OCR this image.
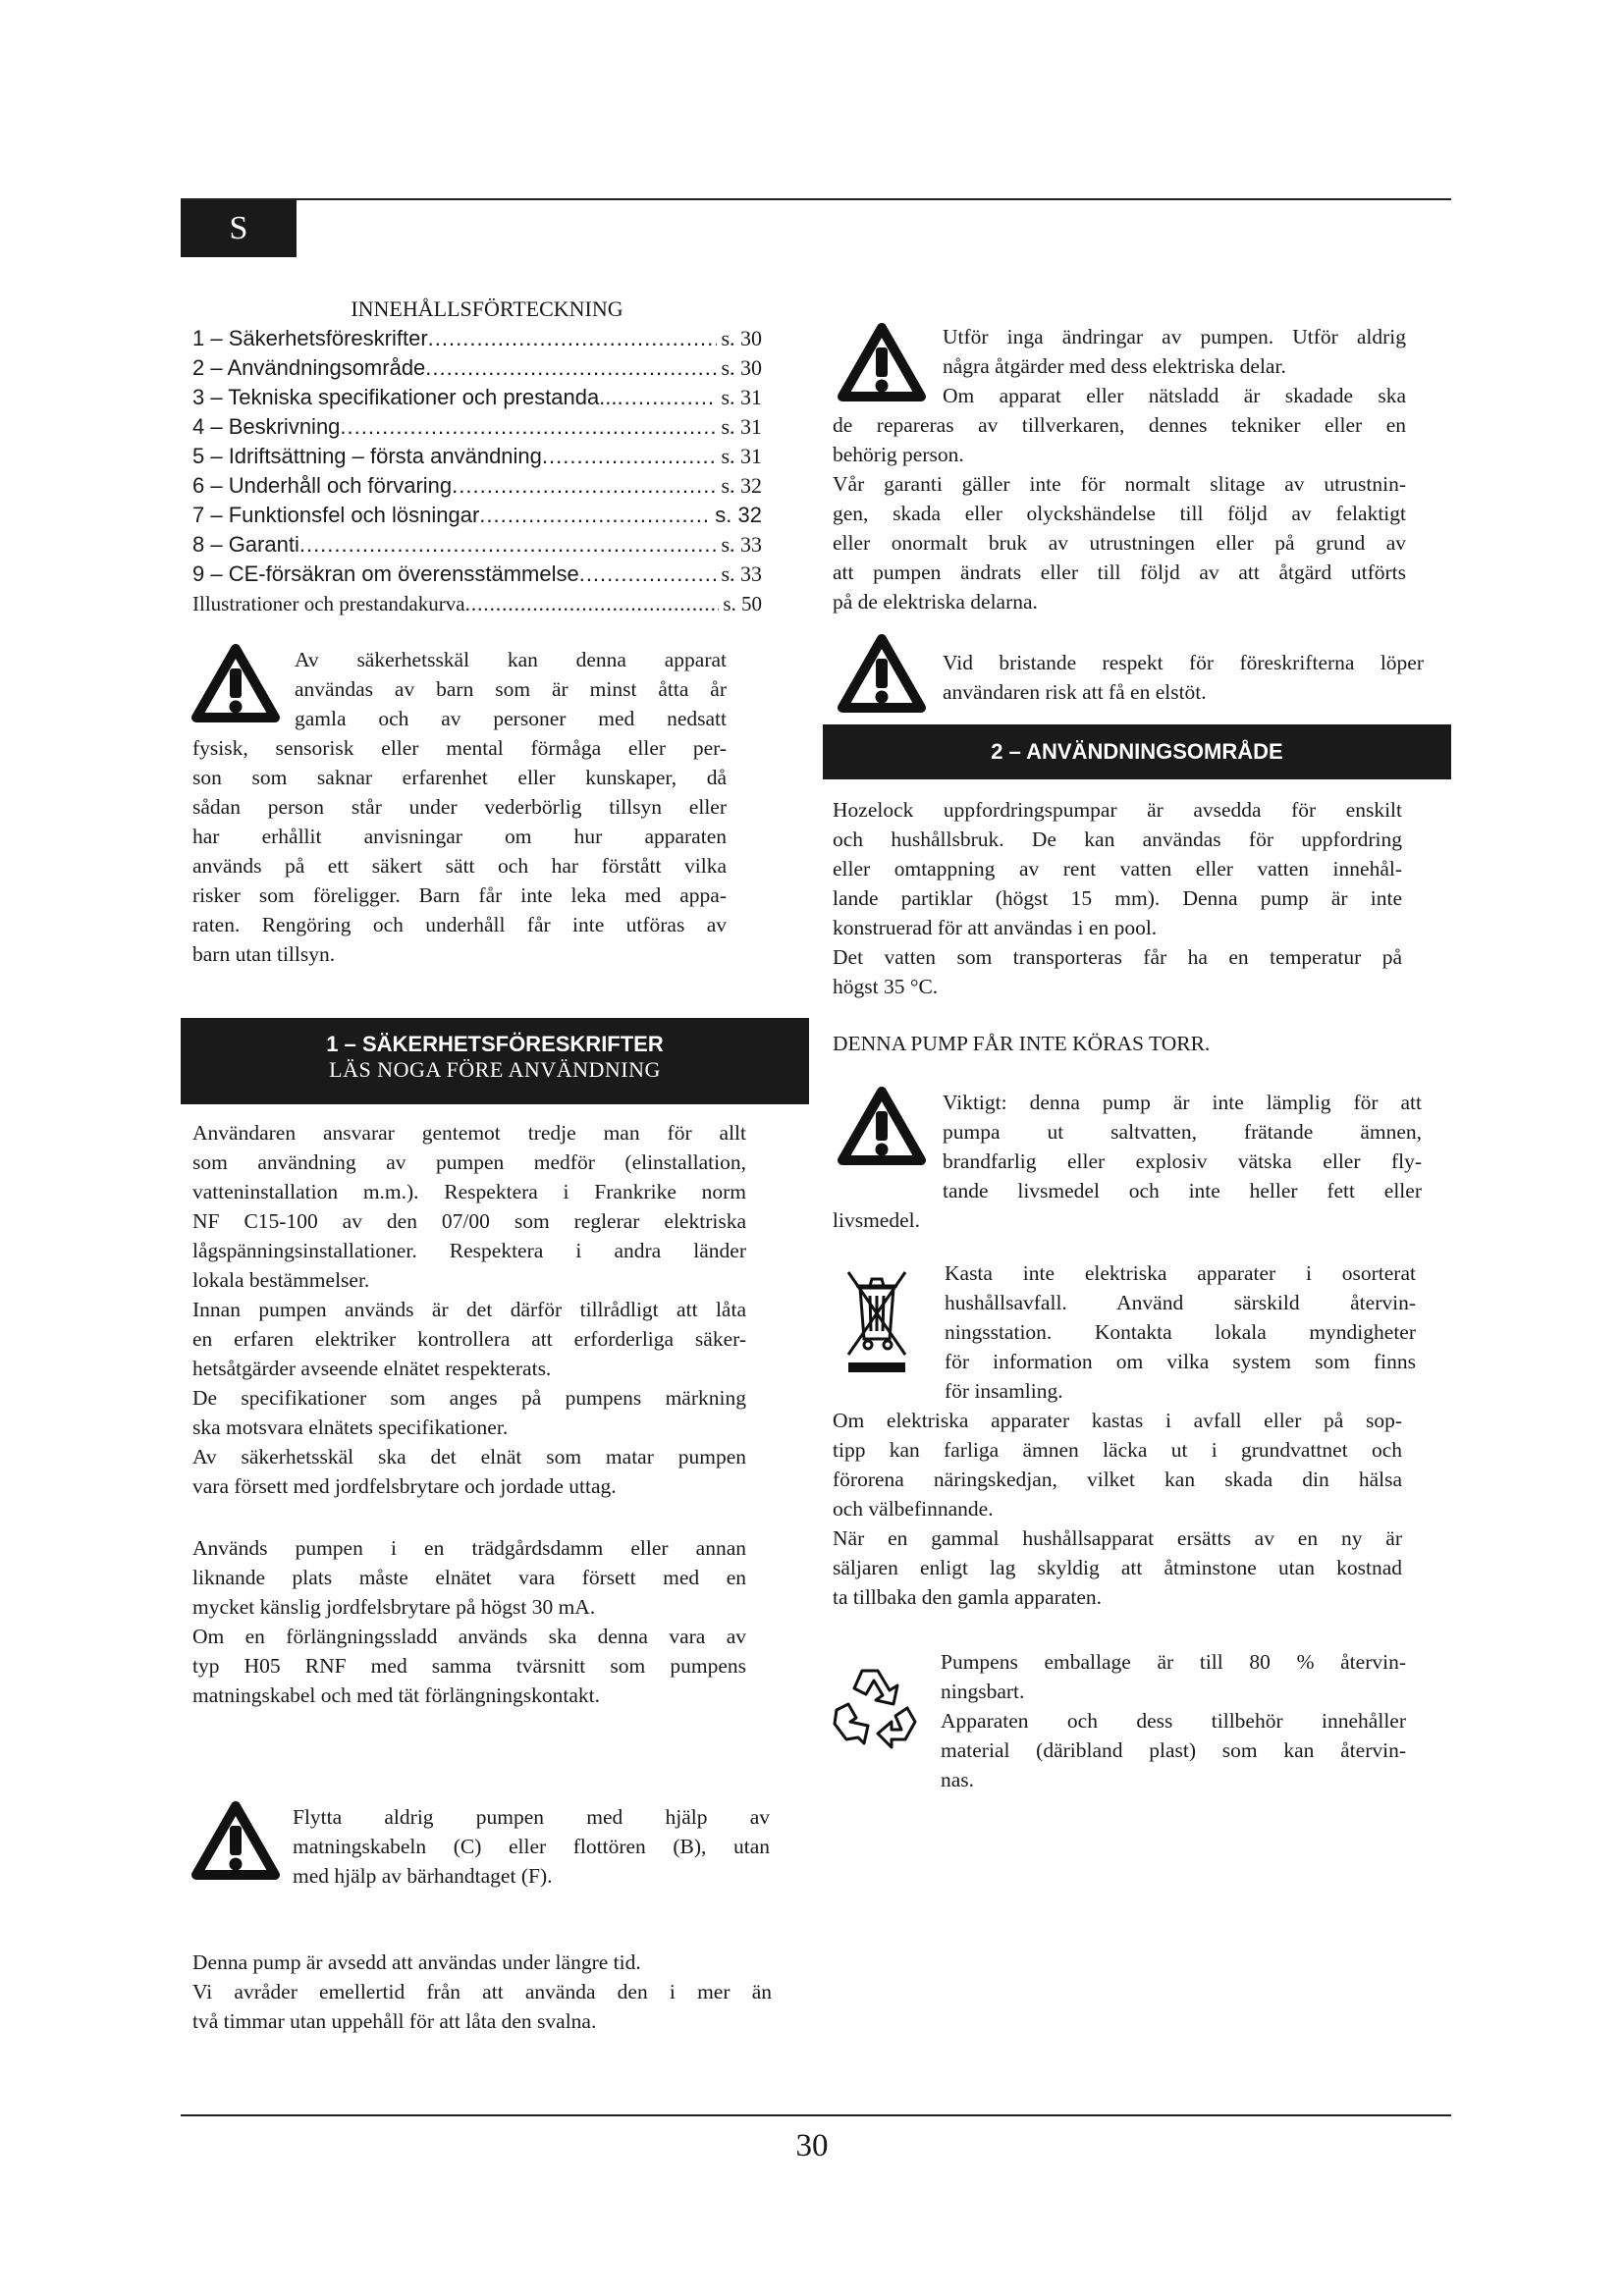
S

INNEHÅLLSFÖRTECKNING

1 – Säkerhetsföreskrifter .....	s. 30
2 – Användningsområde .....	s. 30
3 – Tekniska specifikationer och prestanda... .....	s. 31
4 – Beskrivning .....	s. 31
5 – Idriftsättning – första användning .....	s. 31
6 – Underhåll och förvaring .....	s. 32
7 – Funktionsfel och lösningar .....	s. 32
8 – Garanti .....	s. 33
9 – CE-försäkran om överensstämmelse .....	s. 33
Illustrationer och prestandakurva .....	s. 50

Av säkerhetsskäl kan denna apparat

användas av barn som är minst åtta år

gamla och av personer med nedsatt

fysisk, sensorisk eller mental förmåga eller per-

son som saknar erfarenhet eller kunskaper, då

sådan person står under vederbörlig tillsyn eller

har erhållit anvisningar om hur apparaten

används på ett säkert sätt och har förstått vilka

risker som föreligger. Barn får inte leka med appa-

raten. Rengöring och underhåll får inte utföras av

barn utan tillsyn.

1 – SÄKERHETSFÖRESKRIFTER
LÄS NOGA FÖRE ANVÄNDNING

Användaren ansvarar gentemot tredje man för allt

som användning av pumpen medför (elinstallation,

vatteninstallation m.m.). Respektera i Frankrike norm

NF C15-100 av den 07/00 som reglerar elektriska

lågspänningsinstallationer. Respektera i andra länder

lokala bestämmelser.

Innan pumpen används är det därför tillrådligt att låta

en erfaren elektriker kontrollera att erforderliga säker-

hetsåtgärder avseende elnätet respekterats.

De specifikationer som anges på pumpens märkning

ska motsvara elnätets specifikationer.

Av säkerhetsskäl ska det elnät som matar pumpen

vara försett med jordfelsbrytare och jordade uttag.

Används pumpen i en trädgårdsdamm eller annan

liknande plats måste elnätet vara försett med en

mycket känslig jordfelsbrytare på högst 30 mA.

Om en förlängningssladd används ska denna vara av

typ H05 RNF med samma tvärsnitt som pumpens

matningskabel och med tät förlängningskontakt.

Flytta aldrig pumpen med hjälp av

matningskabeln (C) eller flottören (B), utan

med hjälp av bärhandtaget (F).

Denna pump är avsedd att användas under längre tid.

Vi avråder emellertid från att använda den i mer än

två timmar utan uppehåll för att låta den svalna.

Utför inga ändringar av pumpen. Utför aldrig

några åtgärder med dess elektriska delar.

Om apparat eller nätsladd är skadade ska

de repareras av tillverkaren, dennes tekniker eller en

behörig person.

Vår garanti gäller inte för normalt slitage av utrustnin-

gen, skada eller olyckshändelse till följd av felaktigt

eller onormalt bruk av utrustningen eller på grund av

att pumpen ändrats eller till följd av att åtgärd utförts

på de elektriska delarna.

Vid bristande respekt för föreskrifterna löper

användaren risk att få en elstöt.

2 – ANVÄNDNINGSOMRÅDE

Hozelock uppfordringspumpar är avsedda för enskilt

och hushållsbruk. De kan användas för uppfordring

eller omtappning av rent vatten eller vatten innehål-

lande partiklar (högst 15 mm). Denna pump är inte

konstruerad för att användas i en pool.

Det vatten som transporteras får ha en temperatur på

högst 35 °C.

DENNA PUMP FÅR INTE KÖRAS TORR.

Viktigt: denna pump är inte lämplig för att

pumpa ut saltvatten, frätande ämnen,

brandfarlig eller explosiv vätska eller fly-

tande livsmedel och inte heller fett eller

livsmedel.

Kasta inte elektriska apparater i osorterat

hushållsavfall. Använd särskild återvin-

ningsstation. Kontakta lokala myndigheter

för information om vilka system som finns

för insamling.

Om elektriska apparater kastas i avfall eller på sop-

tipp kan farliga ämnen läcka ut i grundvattnet och

förorena näringskedjan, vilket kan skada din hälsa

och välbefinnande.

När en gammal hushållsapparat ersätts av en ny är

säljaren enligt lag skyldig att åtminstone utan kostnad

ta tillbaka den gamla apparaten.

Pumpens emballage är till 80 % återvin-

ningsbart.

Apparaten och dess tillbehör innehåller

material (däribland plast) som kan återvin-

nas.

30
